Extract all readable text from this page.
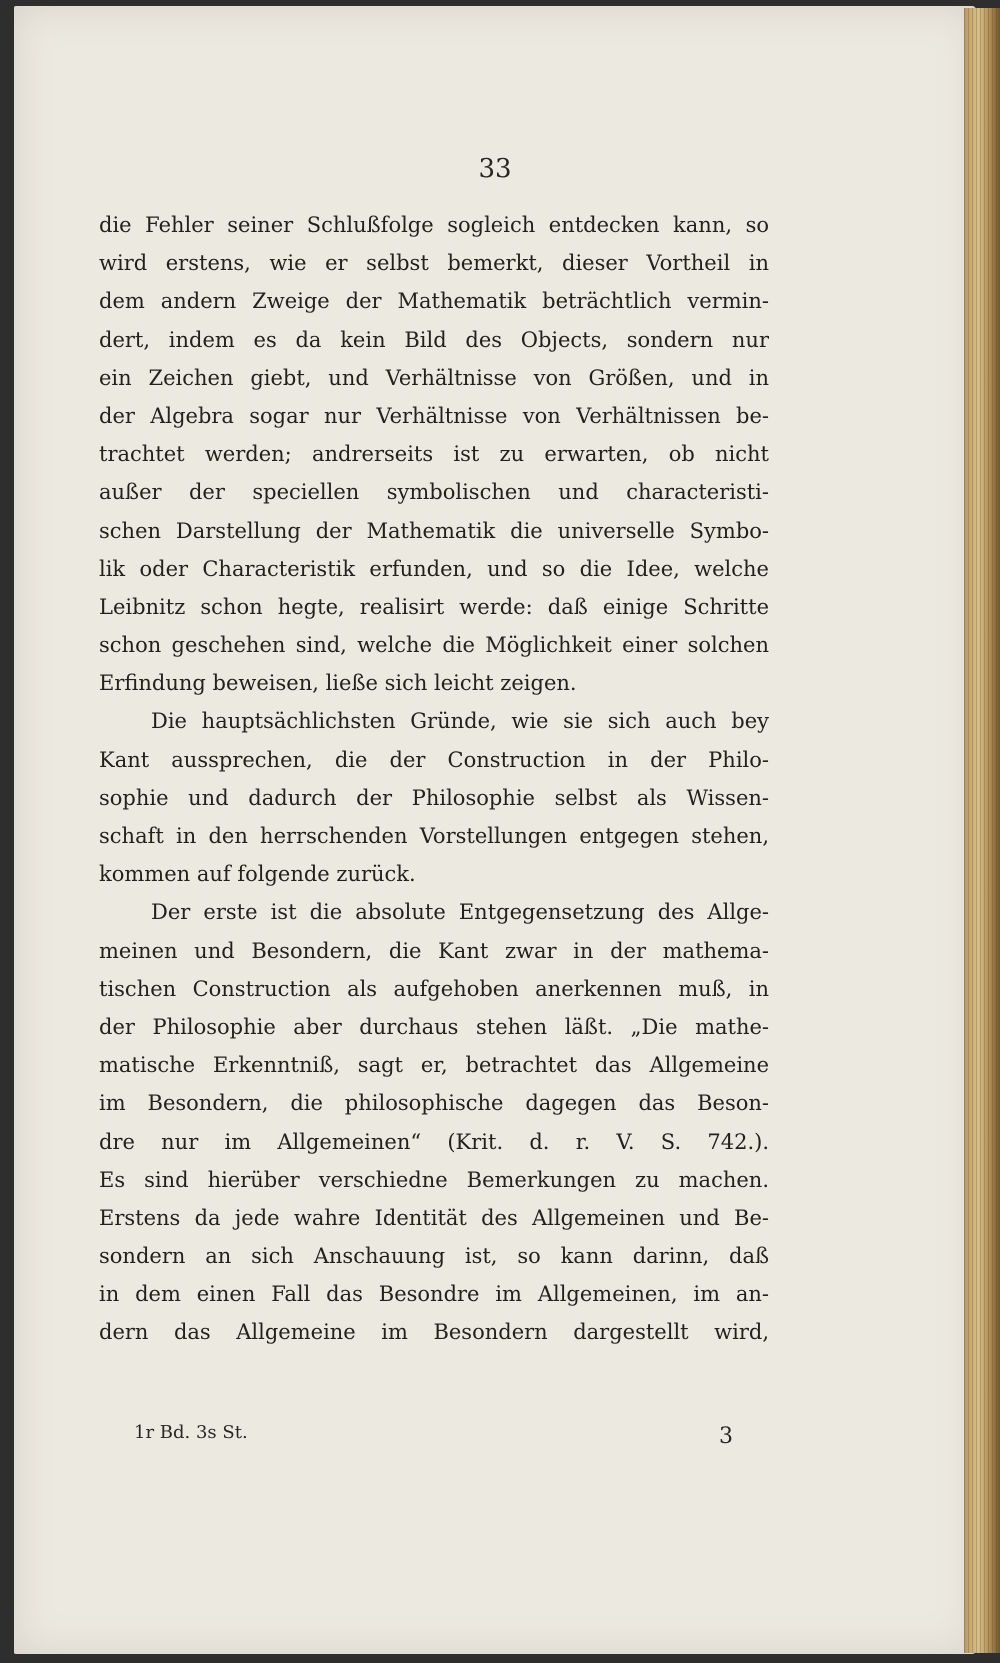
33
die Fehler seiner Schlußfolge sogleich entdecken kann, so
wird erstens, wie er selbst bemerkt, dieser Vortheil in
dem andern Zweige der Mathematik beträchtlich vermin-
dert, indem es da kein Bild des Objects, sondern nur
ein Zeichen giebt, und Verhältnisse von Größen, und in
der Algebra sogar nur Verhältnisse von Verhältnissen be-
trachtet werden; andrerseits ist zu erwarten, ob nicht
außer der speciellen symbolischen und characteristi-
schen Darstellung der Mathematik die universelle Symbo-
lik oder Characteristik erfunden, und so die Idee, welche
Leibnitz schon hegte, realisirt werde: daß einige Schritte
schon geschehen sind, welche die Möglichkeit einer solchen
Erfindung beweisen, ließe sich leicht zeigen.
Die hauptsächlichsten Gründe, wie sie sich auch bey
Kant aussprechen, die der Construction in der Philo-
sophie und dadurch der Philosophie selbst als Wissen-
schaft in den herrschenden Vorstellungen entgegen stehen,
kommen auf folgende zurück.
Der erste ist die absolute Entgegensetzung des Allge-
meinen und Besondern, die Kant zwar in der mathema-
tischen Construction als aufgehoben anerkennen muß, in
der Philosophie aber durchaus stehen läßt. „Die mathe-
matische Erkenntniß, sagt er, betrachtet das Allgemeine
im Besondern, die philosophische dagegen das Beson-
dre nur im Allgemeinen“ (Krit. d. r. V. S. 742.).
Es sind hierüber verschiedne Bemerkungen zu machen.
Erstens da jede wahre Identität des Allgemeinen und Be-
sondern an sich Anschauung ist, so kann darinn, daß
in dem einen Fall das Besondre im Allgemeinen, im an-
dern das Allgemeine im Besondern dargestellt wird,
1r Bd. 3s St.	3
